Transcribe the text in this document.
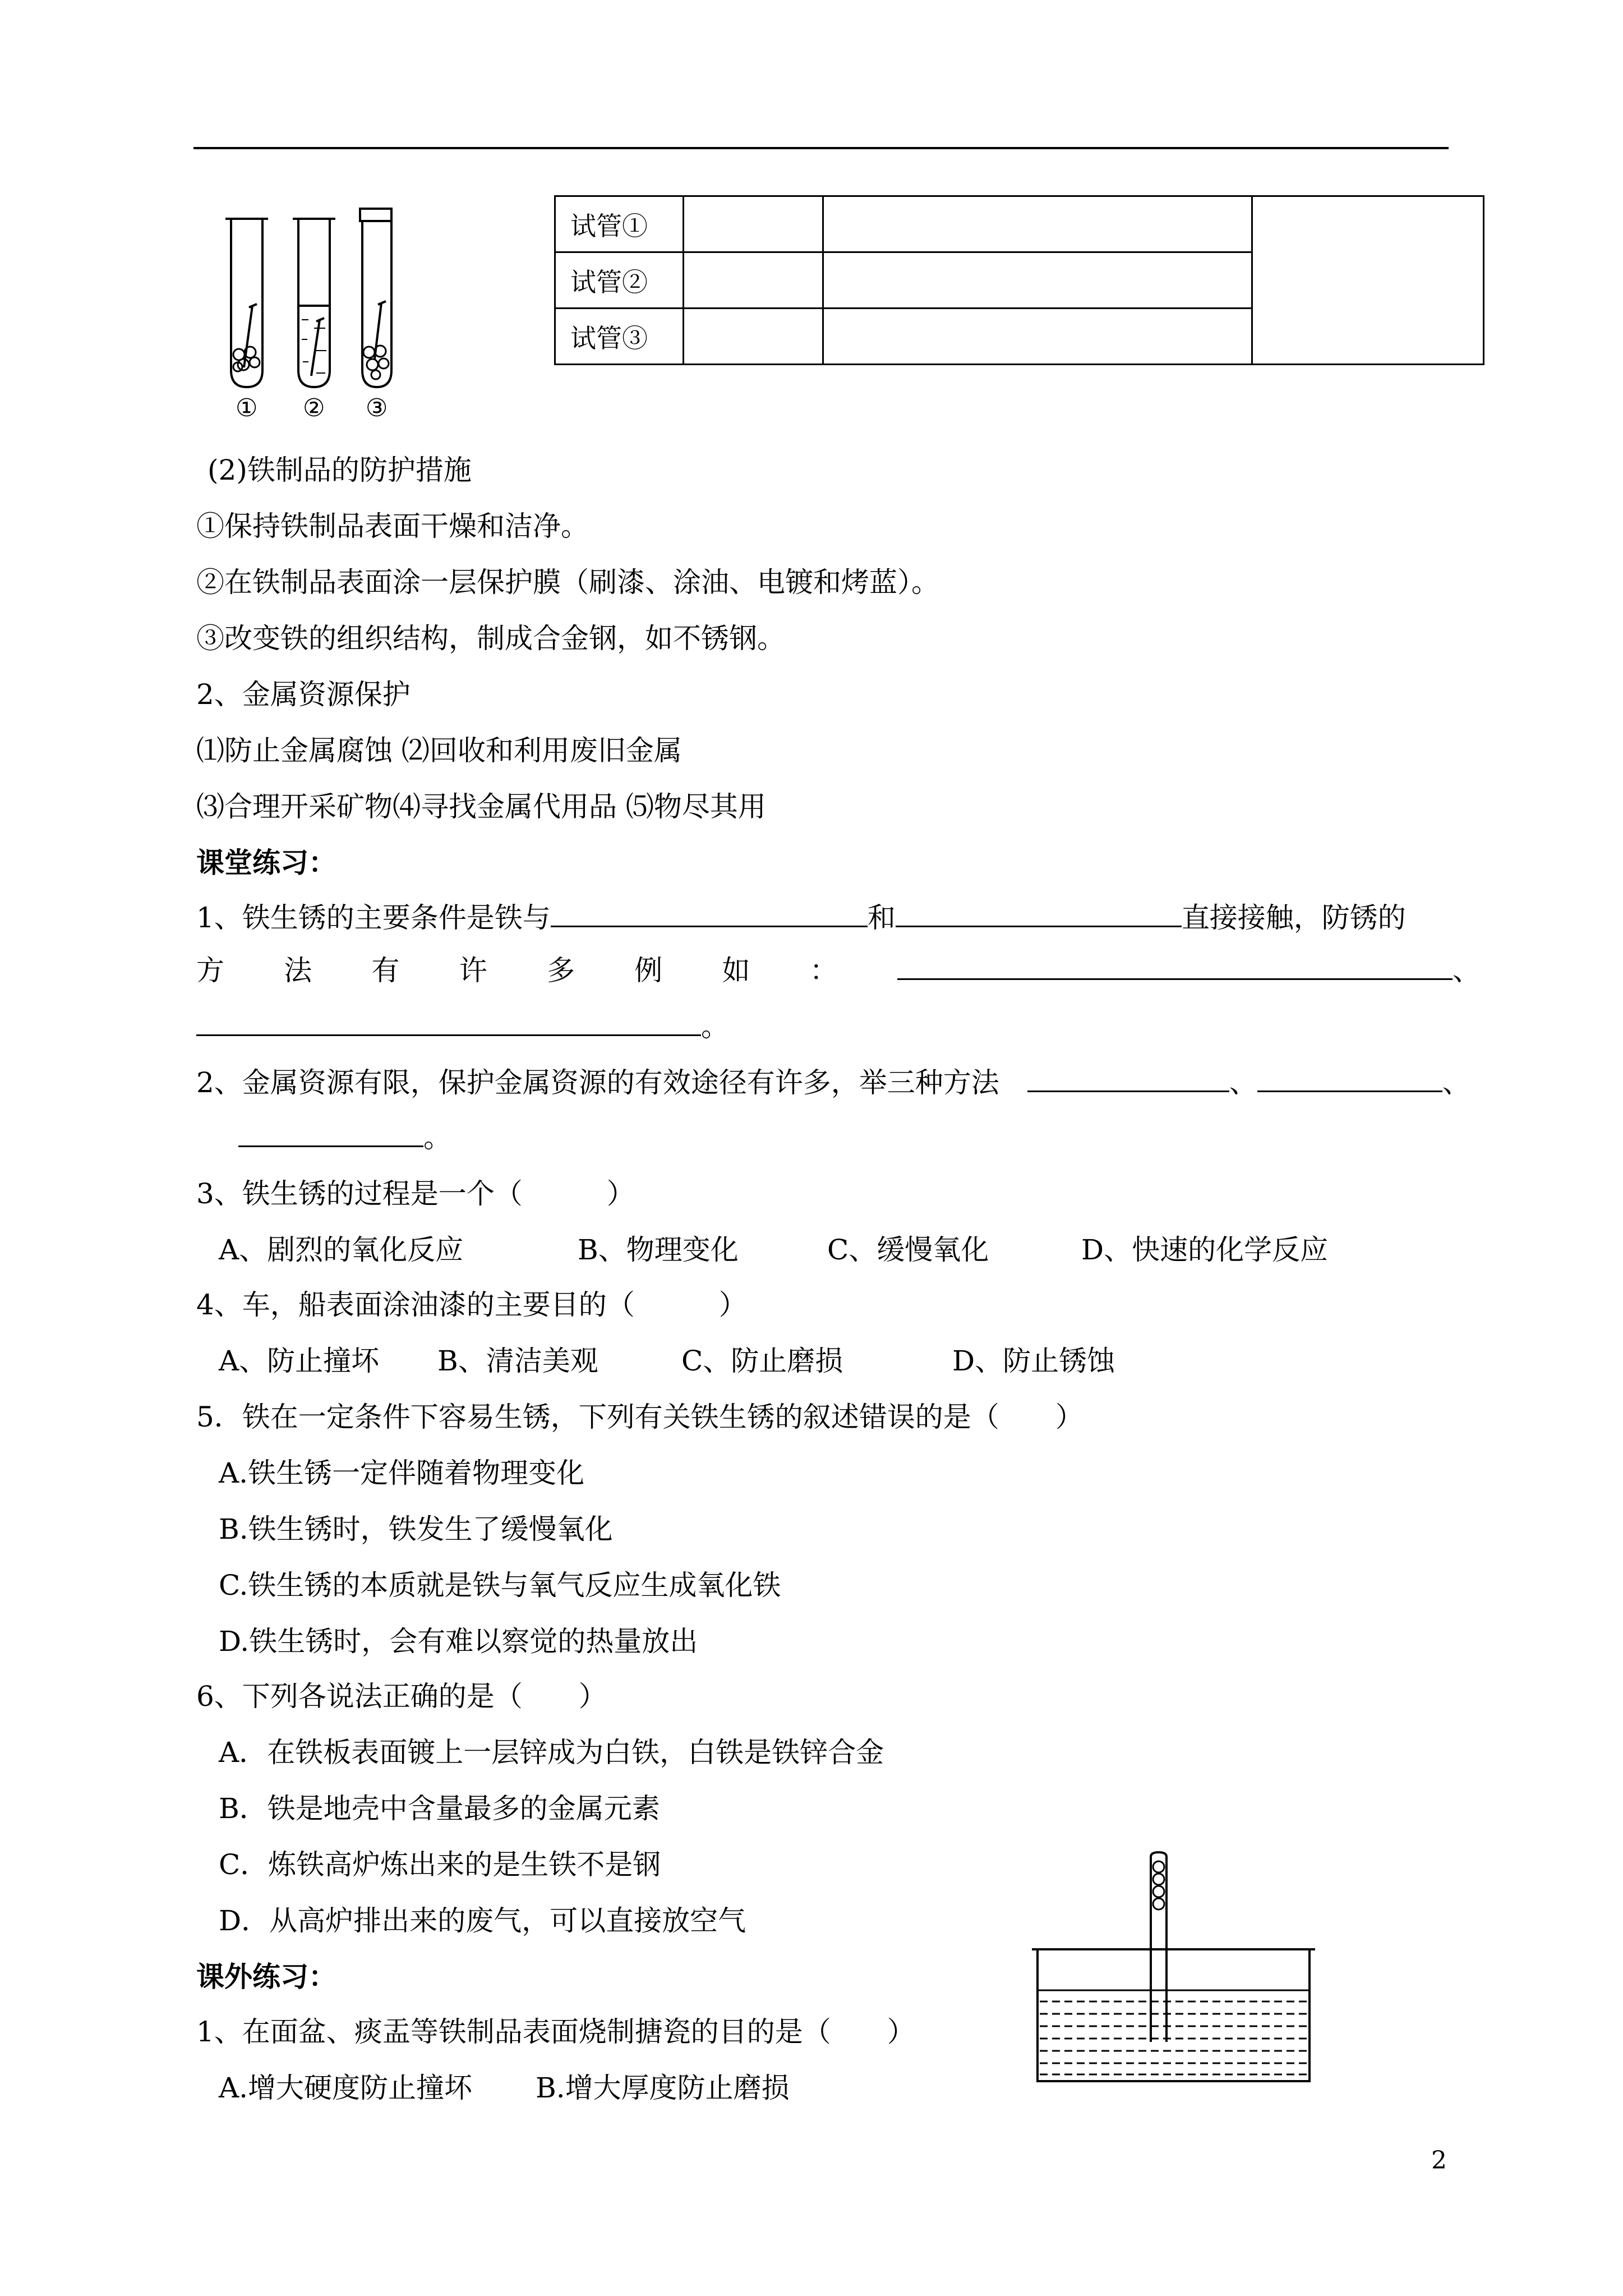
① ② ③
试管①			
试管②			
试管③			
(2)铁制品的防护措施
①保持铁制品表面干燥和洁净。
②在铁制品表面涂一层保护膜（刷漆、涂油、电镀和烤蓝）。
③改变铁的组织结构，制成合金钢，如不锈钢。
2、金属资源保护
⑴防止金属腐蚀 ⑵回收和利用废旧金属
⑶合理开采矿物⑷寻找金属代用品 ⑸物尽其用
课堂练习：
1、铁生锈的主要条件是铁与	和	直接接触，防锈的
方 法 有 许 多 例 如 ：	、
。
2、金属资源有限，保护金属资源的有效途径有许多，举三种方法　	、	、
。
3、铁生锈的过程是一个（　　　）
A、剧烈的氧化反应	B、物理变化	C、缓慢氧化	D、快速的化学反应
4、车，船表面涂油漆的主要目的（　　　）
A、防止撞坏 B、清洁美观	C、防止磨损	D、防止锈蚀
5．铁在一定条件下容易生锈，下列有关铁生锈的叙述错误的是（　　）
A.铁生锈一定伴随着物理变化
B.铁生锈时，铁发生了缓慢氧化
C.铁生锈的本质就是铁与氧气反应生成氧化铁
D.铁生锈时，会有难以察觉的热量放出
6、下列各说法正确的是（　　）
A．在铁板表面镀上一层锌成为白铁，白铁是铁锌合金
B．铁是地壳中含量最多的金属元素
C．炼铁高炉炼出来的是生铁不是钢
D．从高炉排出来的废气，可以直接放空气
课外练习：
1、在面盆、痰盂等铁制品表面烧制搪瓷的目的是（　　）
A.增大硬度防止撞坏 B.增大厚度防止磨损
2
